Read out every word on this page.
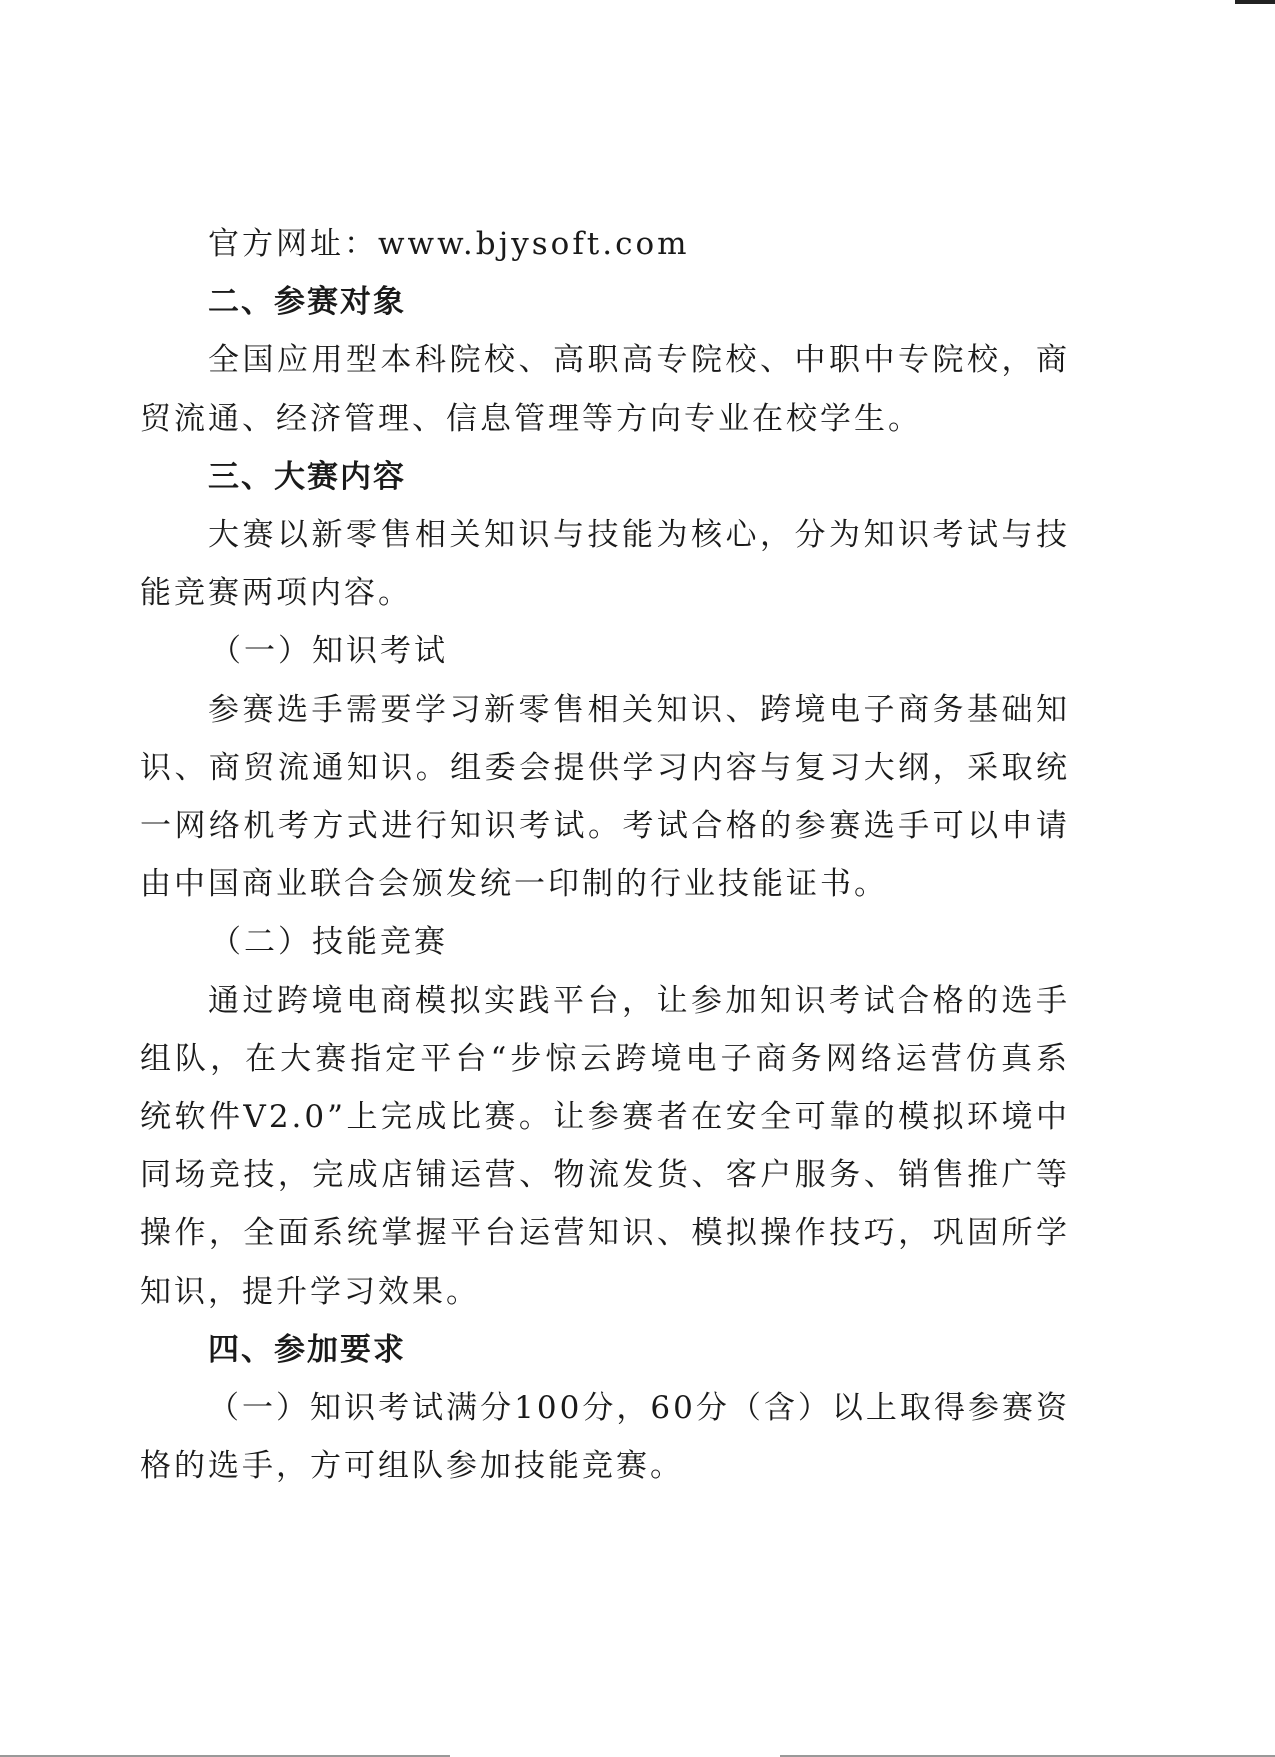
官方网址：www.bjysoft.com

二、参赛对象

全国应用型本科院校、高职高专院校、中职中专院校，商贸流通、经济管理、信息管理等方向专业在校学生。

三、大赛内容

大赛以新零售相关知识与技能为核心，分为知识考试与技能竞赛两项内容。

（一）知识考试

参赛选手需要学习新零售相关知识、跨境电子商务基础知识、商贸流通知识。组委会提供学习内容与复习大纲，采取统一网络机考方式进行知识考试。考试合格的参赛选手可以申请由中国商业联合会颁发统一印制的行业技能证书。

（二）技能竞赛

通过跨境电商模拟实践平台，让参加知识考试合格的选手组队，在大赛指定平台“步惊云跨境电子商务网络运营仿真系统软件V2.0”上完成比赛。让参赛者在安全可靠的模拟环境中同场竞技，完成店铺运营、物流发货、客户服务、销售推广等操作，全面系统掌握平台运营知识、模拟操作技巧，巩固所学知识，提升学习效果。

四、参加要求

（一）知识考试满分100分，60分（含）以上取得参赛资格的选手，方可组队参加技能竞赛。
